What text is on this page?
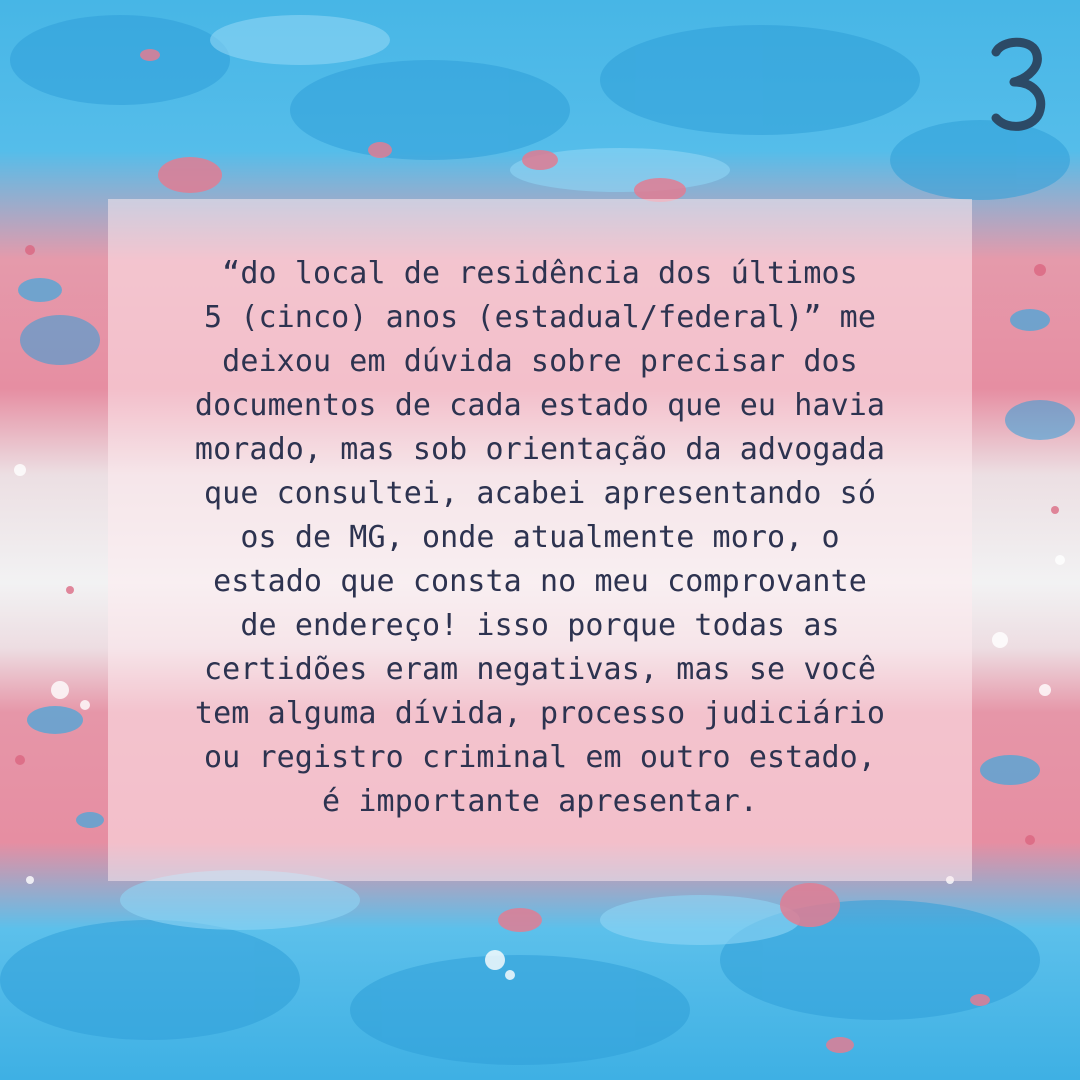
“do local de residência dos últimos
5 (cinco) anos (estadual/federal)” me
deixou em dúvida sobre precisar dos
documentos de cada estado que eu havia
morado, mas sob orientação da advogada
que consultei, acabei apresentando só
os de MG, onde atualmente moro, o
estado que consta no meu comprovante
de endereço! isso porque todas as
certidões eram negativas, mas se você
tem alguma dívida, processo judiciário
ou registro criminal em outro estado,
é importante apresentar.
